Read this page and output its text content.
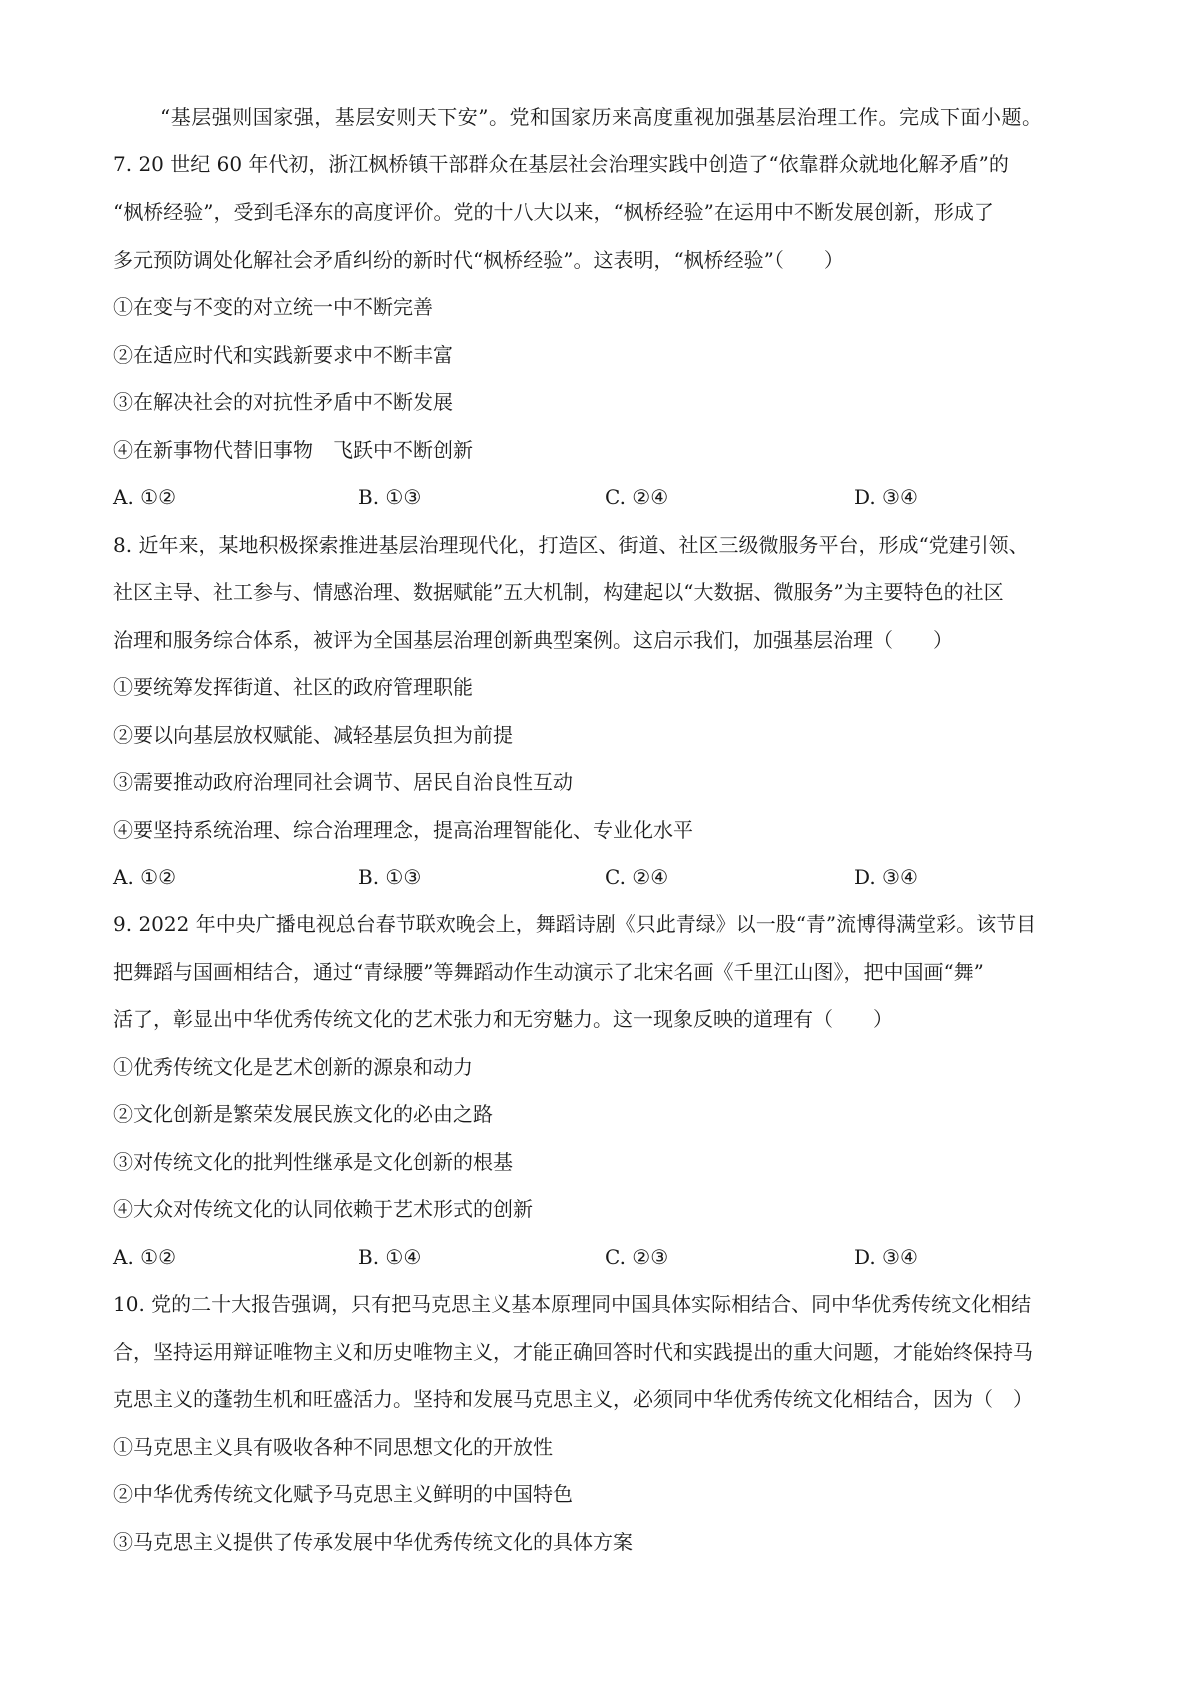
“基层强则国家强，基层安则天下安”。党和国家历来高度重视加强基层治理工作。完成下面小题。
7. 20 世纪 60 年代初，浙江枫桥镇干部群众在基层社会治理实践中创造了“依靠群众就地化解矛盾”的
“枫桥经验”，受到毛泽东的高度评价。党的十八大以来，“枫桥经验”在运用中不断发展创新，形成了
多元预防调处化解社会矛盾纠纷的新时代“枫桥经验”。这表明，“枫桥经验”（　　）
①在变与不变的对立统一中不断完善
②在适应时代和实践新要求中不断丰富
③在解决社会的对抗性矛盾中不断发展
④在新事物代替旧事物　飞跃中不断创新
A. ①②	B. ①③	C. ②④	D. ③④
8. 近年来，某地积极探索推进基层治理现代化，打造区、街道、社区三级微服务平台，形成“党建引领、
社区主导、社工参与、情感治理、数据赋能”五大机制，构建起以“大数据、微服务”为主要特色的社区
治理和服务综合体系，被评为全国基层治理创新典型案例。这启示我们，加强基层治理（　　）
①要统筹发挥街道、社区的政府管理职能
②要以向基层放权赋能、减轻基层负担为前提
③需要推动政府治理同社会调节、居民自治良性互动
④要坚持系统治理、综合治理理念，提高治理智能化、专业化水平
A. ①②	B. ①③	C. ②④	D. ③④
9. 2022 年中央广播电视总台春节联欢晚会上，舞蹈诗剧《只此青绿》以一股“青”流博得满堂彩。该节目
把舞蹈与国画相结合，通过“青绿腰”等舞蹈动作生动演示了北宋名画《千里江山图》，把中国画“舞”
活了，彰显出中华优秀传统文化的艺术张力和无穷魅力。这一现象反映的道理有（　　）
①优秀传统文化是艺术创新的源泉和动力
②文化创新是繁荣发展民族文化的必由之路
③对传统文化的批判性继承是文化创新的根基
④大众对传统文化的认同依赖于艺术形式的创新
A. ①②	B. ①④	C. ②③	D. ③④
10. 党的二十大报告强调，只有把马克思主义基本原理同中国具体实际相结合、同中华优秀传统文化相结
合，坚持运用辩证唯物主义和历史唯物主义，才能正确回答时代和实践提出的重大问题，才能始终保持马
克思主义的蓬勃生机和旺盛活力。坚持和发展马克思主义，必须同中华优秀传统文化相结合，因为（　）
①马克思主义具有吸收各种不同思想文化的开放性
②中华优秀传统文化赋予马克思主义鲜明的中国特色
③马克思主义提供了传承发展中华优秀传统文化的具体方案
